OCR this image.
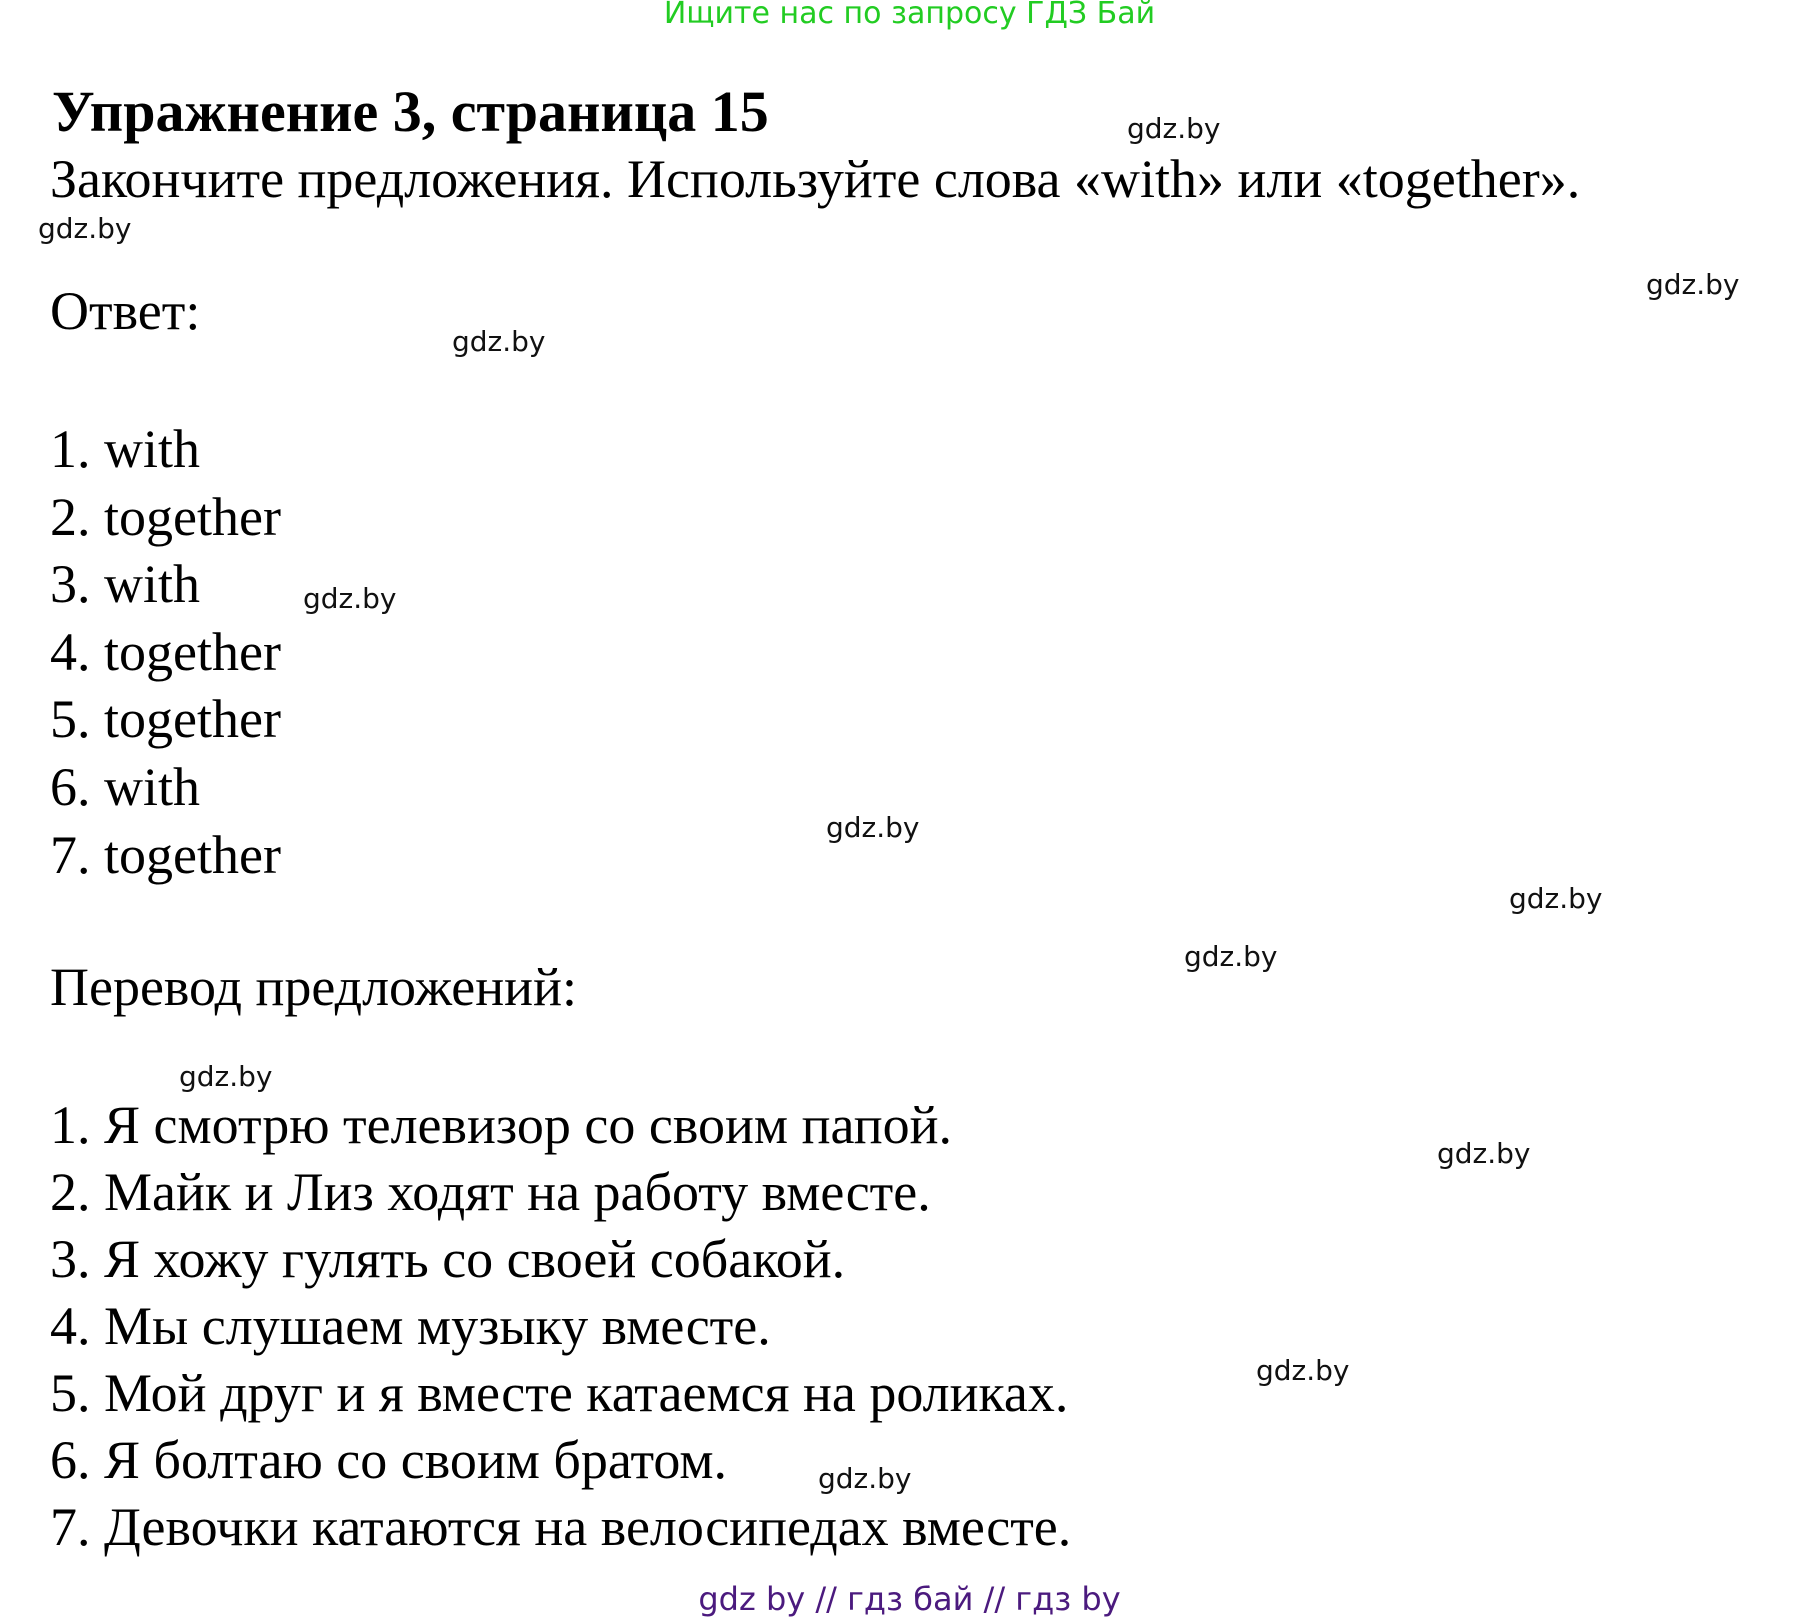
Ищите нас по запросу ГДЗ Бай
Упражнение 3, страница 15
Закончите предложения. Используйте слова «with» или «together».
Ответ:
1. with
2. together
3. with
4. together
5. together
6. with
7. together
Перевод предложений:
1. Я смотрю телевизор со своим папой.
2. Майк и Лиз ходят на работу вместе.
3. Я хожу гулять со своей собакой.
4. Мы слушаем музыку вместе.
5. Мой друг и я вместе катаемся на роликах.
6. Я болтаю со своим братом.
7. Девочки катаются на велосипедах вместе.
gdz.by
gdz.by
gdz.by
gdz.by
gdz.by
gdz.by
gdz.by
gdz.by
gdz.by
gdz.by
gdz.by
gdz.by
gdz by // гдз бай // гдз by
